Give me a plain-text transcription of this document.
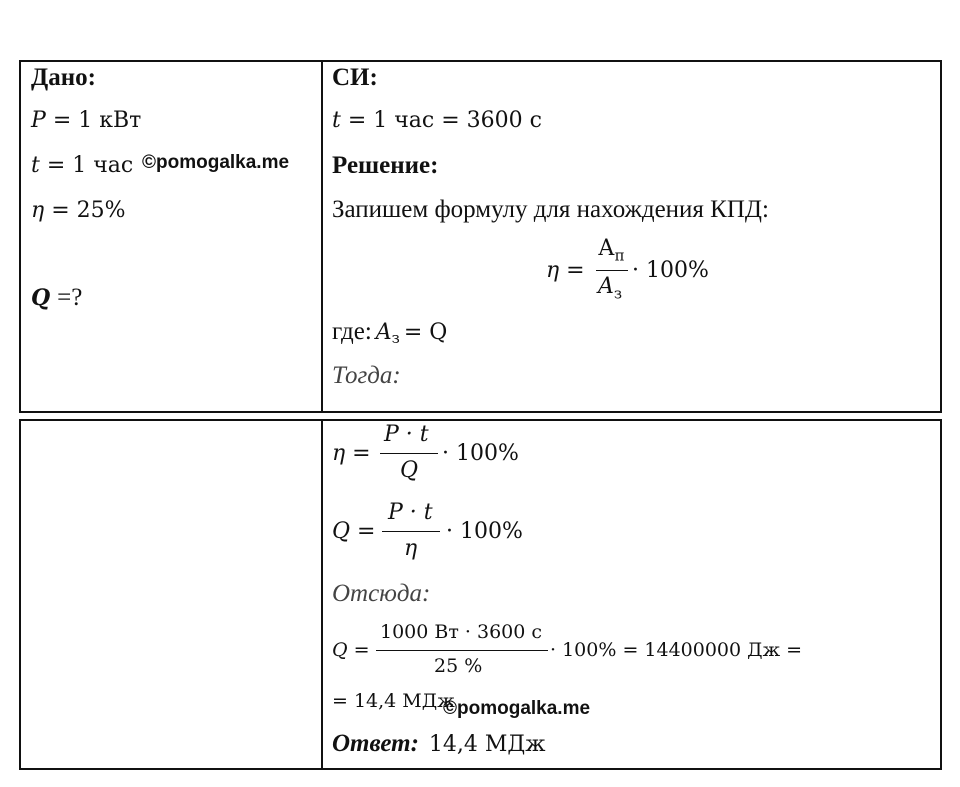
Дано:
P = 1 кВт
t = 1 час ©pomogalka.me
η = 25%
Q =?
СИ:
t = 1 час = 3600 с
Решение:
Запишем формулу для нахождения КПД:
η =
$А_п$
$A_з$
· 100%
где: $A_з = Q$
Тогда:
η =
P · t
Q
· 100%
Q =
P · t
η
· 100%
Отсюда:
Q =
1000 Вт · 3600 с
25 %
· 100% = 14400000 Дж =
= 14,4 МДж
©pomogalka.me
Ответ: 14,4 МДж
